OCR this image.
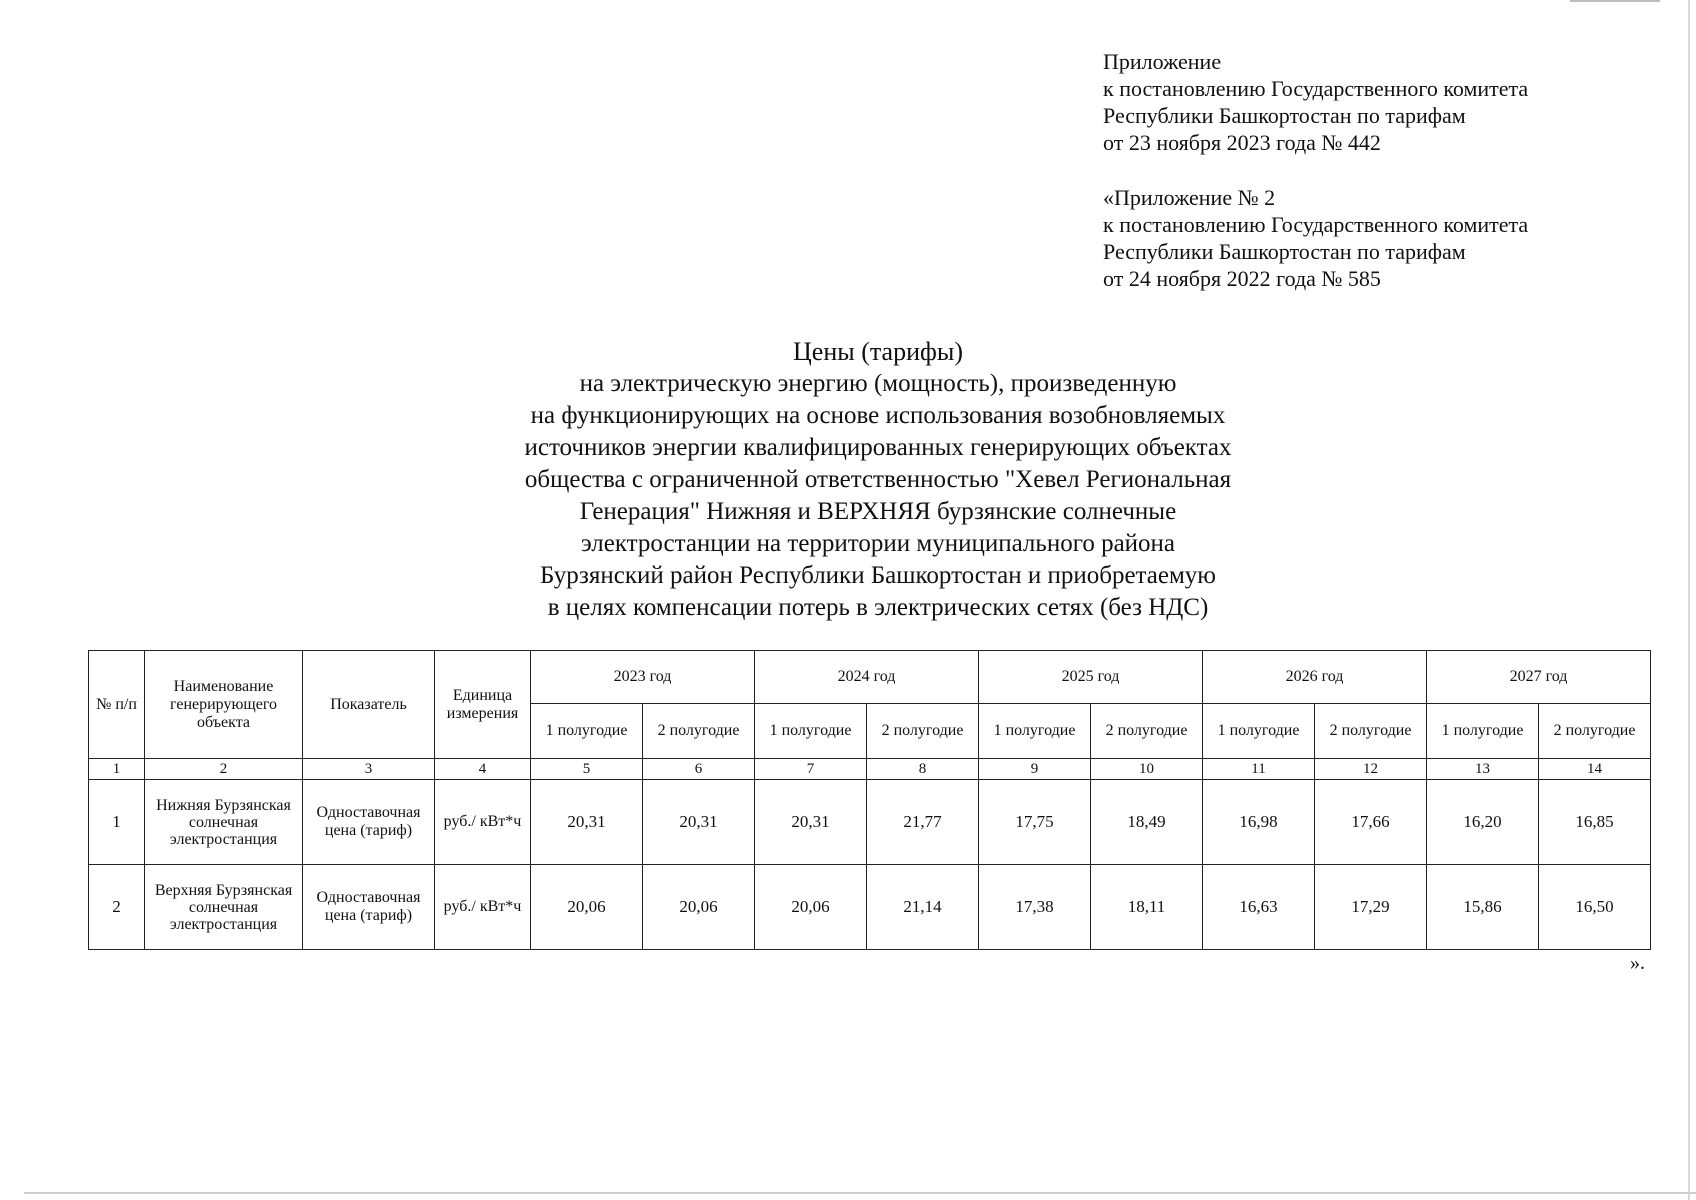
Приложение
к постановлению Государственного комитета
Республики Башкортостан по тарифам
от 23 ноября 2023 года № 442
«Приложение № 2
к постановлению Государственного комитета
Республики Башкортостан по тарифам
от 24 ноября 2022 года № 585
Цены (тарифы)
на электрическую энергию (мощность), произведенную
на функционирующих на основе использования возобновляемых
источников энергии квалифицированных генерирующих объектах
общества с ограниченной ответственностью "Хевел Региональная
Генерация" Нижняя и ВЕРХНЯЯ бурзянские солнечные
электростанции на территории муниципального района
Бурзянский район Республики Башкортостан и приобретаемую
в целях компенсации потерь в электрических сетях (без НДС)
№ п/п	Наименование генерирующего объекта	Показатель	Единица измерения	2023 год		2024 год		2025 год		2026 год		2027 год	
				1 полугодие	2 полугодие	1 полугодие	2 полугодие	1 полугодие	2 полугодие	1 полугодие	2 полугодие	1 полугодие	2 полугодие
1	2	3	4	5	6	7	8	9	10	11	12	13	14
1	Нижняя Бурзянская солнечная электростанция	Одноставочная цена (тариф)	руб./ кВт*ч	20,31	20,31	20,31	21,77	17,75	18,49	16,98	17,66	16,20	16,85
2	Верхняя Бурзянская солнечная электростанция	Одноставочная цена (тариф)	руб./ кВт*ч	20,06	20,06	20,06	21,14	17,38	18,11	16,63	17,29	15,86	16,50
».
